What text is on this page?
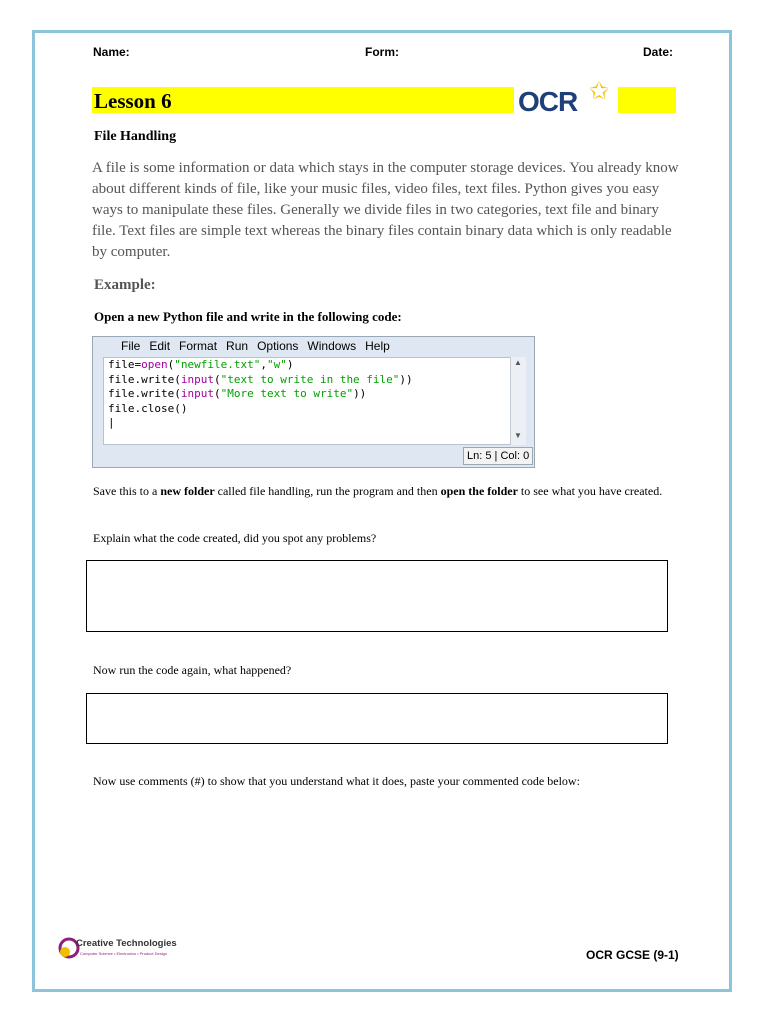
Name:	Form:	Date:
Lesson 6	OCR ✩
File Handling
A file is some information or data which stays in the computer storage devices. You already know about different kinds of file, like your music files, video files, text files. Python gives you easy ways to manipulate these files. Generally we divide files in two categories, text file and binary file. Text files are simple text whereas the binary files contain binary data which is only readable by computer.
Example:
Open a new Python file and write in the following code:
File Edit Format Run Options Windows Help
file=open("newfile.txt","w")
file.write(input("text to write in the file"))
file.write(input("More text to write"))
file.close()
|
▲
▼
Ln: 5 | Col: 0
Save this to a new folder called file handling, run the program and then open the folder to see what you have created.
Explain what the code created, did you spot any problems?
Now run the code again, what happened?
Now use comments (#) to show that you understand what it does, paste your commented code below:
Creative Technologies
Computer Science • Electronics • Product Design	OCR GCSE (9-1)
